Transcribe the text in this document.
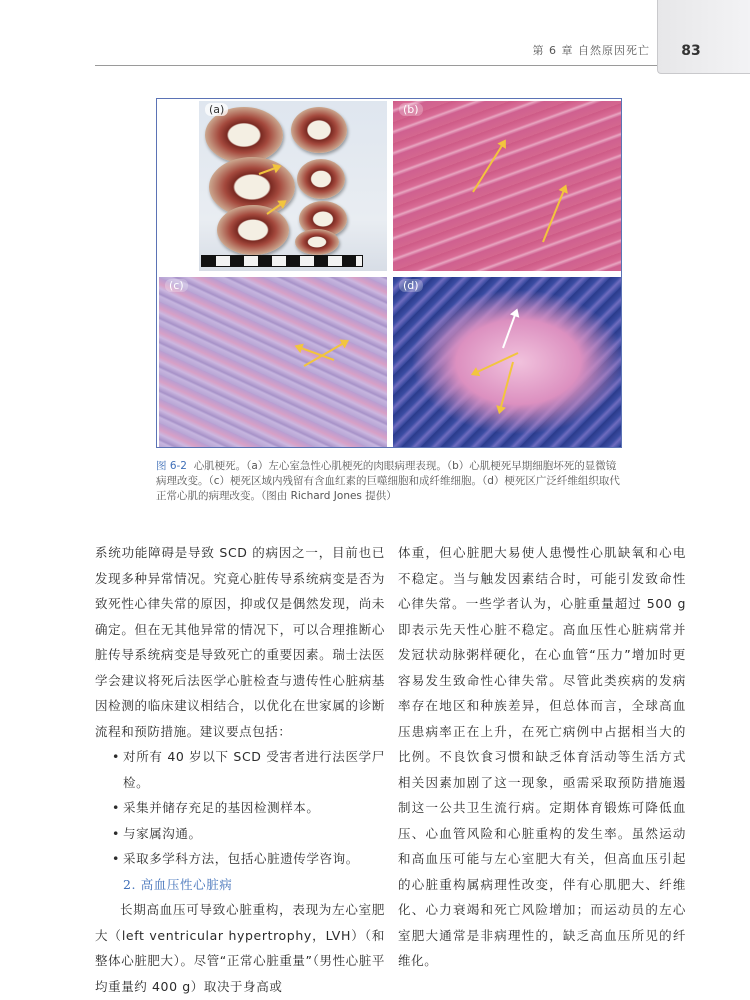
第 6 章 自然原因死亡	83
(a)	(b)
(c)	(d)
图 6-2 心肌梗死。（a）左心室急性心肌梗死的肉眼病理表现。（b）心肌梗死早期细胞坏死的显微镜病理改变。（c）梗死区域内残留有含血红素的巨噬细胞和成纤维细胞。（d）梗死区广泛纤维组织取代正常心肌的病理改变。（图由 Richard Jones 提供）

系统功能障碍是导致 SCD 的病因之一，目前也已发现多种异常情况。究竟心脏传导系统病变是否为致死性心律失常的原因，抑或仅是偶然发现，尚未确定。但在无其他异常的情况下，可以合理推断心脏传导系统病变是导致死亡的重要因素。瑞士法医学会建议将死后法医学心脏检查与遗传性心脏病基因检测的临床建议相结合，以优化在世家属的诊断流程和预防措施。建议要点包括：

• 对所有 40 岁以下 SCD 受害者进行法医学尸检。
• 采集并储存充足的基因检测样本。
• 与家属沟通。
• 采取多学科方法，包括心脏遗传学咨询。
2. 高血压性心脏病

长期高血压可导致心脏重构，表现为左心室肥大（left ventricular hypertrophy，LVH）（和整体心脏肥大）。尽管“正常心脏重量”（男性心脏平均重量约 400 g）取决于身高或

体重，但心脏肥大易使人患慢性心肌缺氧和心电不稳定。当与触发因素结合时，可能引发致命性心律失常。一些学者认为，心脏重量超过 500 g 即表示先天性心脏不稳定。高血压性心脏病常并发冠状动脉粥样硬化，在心血管“压力”增加时更容易发生致命性心律失常。尽管此类疾病的发病率存在地区和种族差异，但总体而言，全球高血压患病率正在上升，在死亡病例中占据相当大的比例。不良饮食习惯和缺乏体育活动等生活方式相关因素加剧了这一现象，亟需采取预防措施遏制这一公共卫生流行病。定期体育锻炼可降低血压、心血管风险和心脏重构的发生率。虽然运动和高血压可能与左心室肥大有关，但高血压引起的心脏重构属病理性改变，伴有心肌肥大、纤维化、心力衰竭和死亡风险增加；而运动员的左心室肥大通常是非病理性的，缺乏高血压所见的纤维化。
